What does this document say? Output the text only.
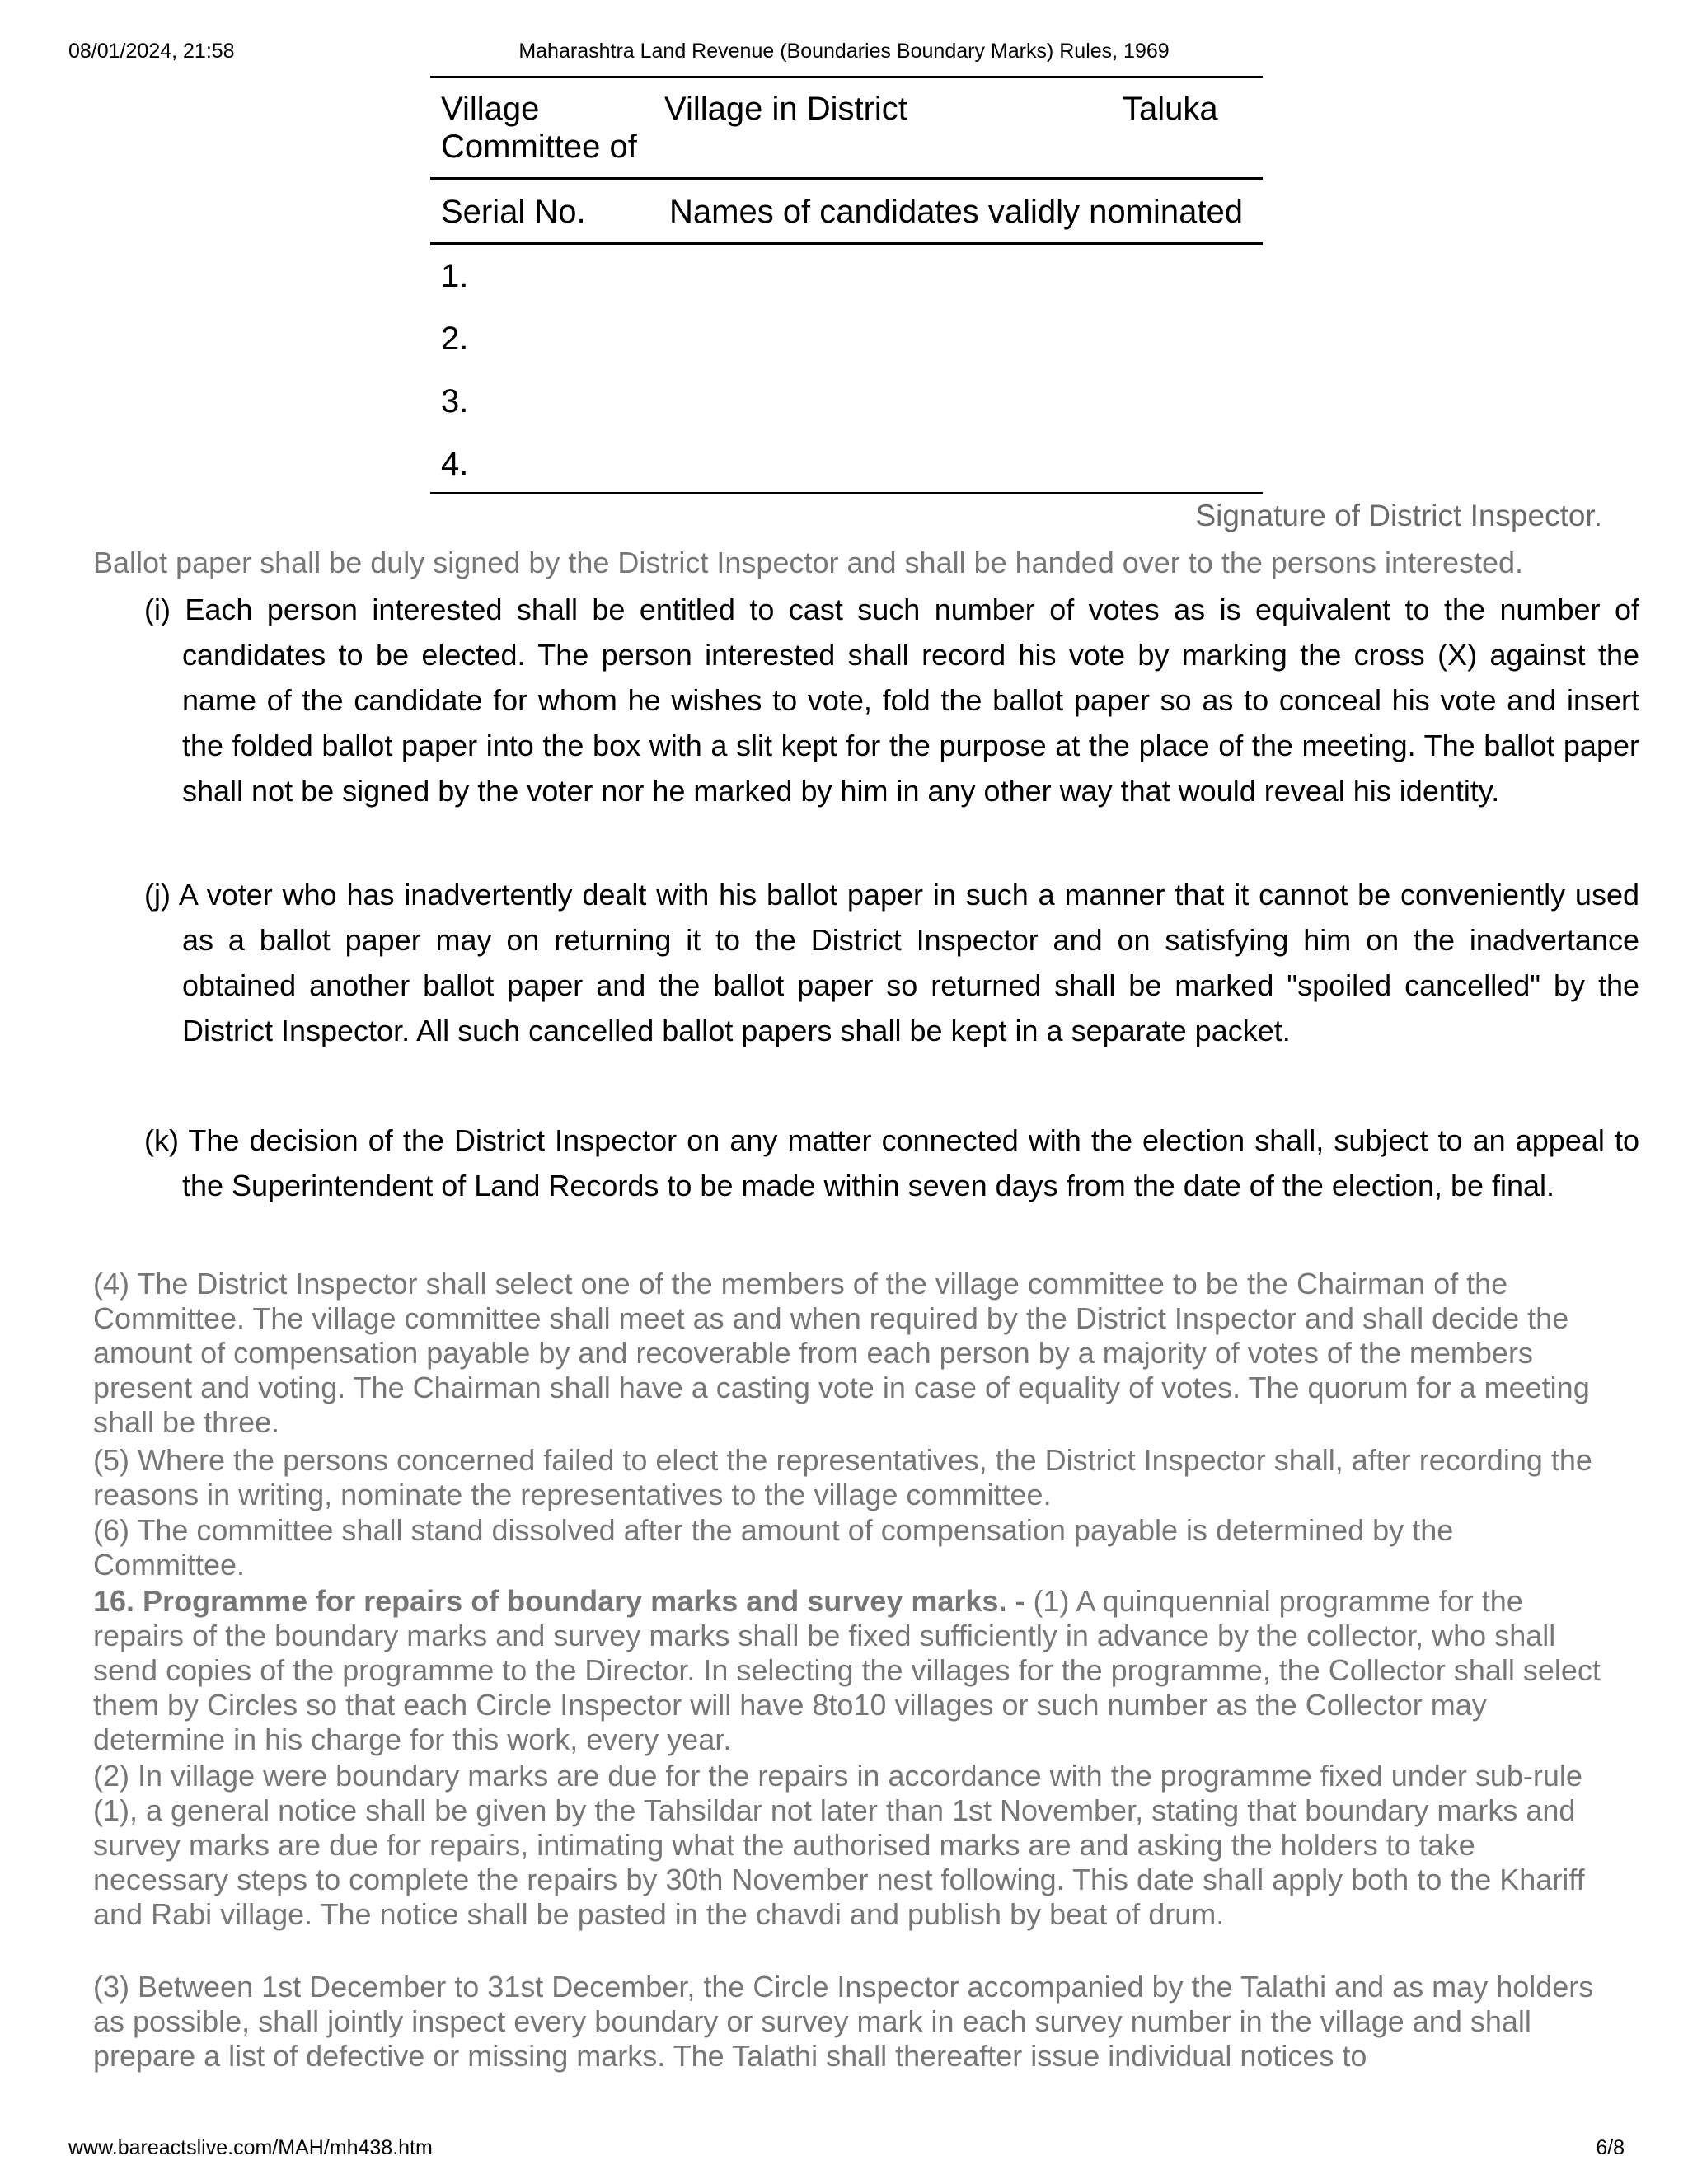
08/01/2024, 21:58	Maharashtra Land Revenue (Boundaries Boundary Marks) Rules, 1969
Village
Committee of
Village in District	Taluka
Serial No.	Names of candidates validly nominated
1.
2.
3.
4.
Signature of District Inspector.

Ballot paper shall be duly signed by the District Inspector and shall be handed over to the persons interested.

(i) Each person interested shall be entitled to cast such number of votes as is equivalent to the number of candidates to be elected. The person interested shall record his vote by marking the cross (X) against the name of the candidate for whom he wishes to vote, fold the ballot paper so as to conceal his vote and insert the folded ballot paper into the box with a slit kept for the purpose at the place of the meeting. The ballot paper shall not be signed by the voter nor he marked by him in any other way that would reveal his identity.

(j) A voter who has inadvertently dealt with his ballot paper in such a manner that it cannot be conveniently used as a ballot paper may on returning it to the District Inspector and on satisfying him on the inadvertance obtained another ballot paper and the ballot paper so returned shall be marked "spoiled cancelled" by the District Inspector. All such cancelled ballot papers shall be kept in a separate packet.

(k) The decision of the District Inspector on any matter connected with the election shall, subject to an appeal to the Superintendent of Land Records to be made within seven days from the date of the election, be final.

(4) The District Inspector shall select one of the members of the village committee to be the Chairman of the Committee. The village committee shall meet as and when required by the District Inspector and shall decide the amount of compensation payable by and recoverable from each person by a majority of votes of the members present and voting. The Chairman shall have a casting vote in case of equality of votes. The quorum for a meeting shall be three.

(5) Where the persons concerned failed to elect the representatives, the District Inspector shall, after recording the reasons in writing, nominate the representatives to the village committee.

(6) The committee shall stand dissolved after the amount of compensation payable is determined by the Committee.

16. Programme for repairs of boundary marks and survey marks. - (1) A quinquennial programme for the repairs of the boundary marks and survey marks shall be fixed sufficiently in advance by the collector, who shall send copies of the programme to the Director. In selecting the villages for the programme, the Collector shall select them by Circles so that each Circle Inspector will have 8to10 villages or such number as the Collector may determine in his charge for this work, every year.

(2) In village were boundary marks are due for the repairs in accordance with the programme fixed under sub-rule (1), a general notice shall be given by the Tahsildar not later than 1st November, stating that boundary marks and survey marks are due for repairs, intimating what the authorised marks are and asking the holders to take necessary steps to complete the repairs by 30th November nest following. This date shall apply both to the Khariff and Rabi village. The notice shall be pasted in the chavdi and publish by beat of drum.

(3) Between 1st December to 31st December, the Circle Inspector accompanied by the Talathi and as may holders as possible, shall jointly inspect every boundary or survey mark in each survey number in the village and shall prepare a list of defective or missing marks. The Talathi shall thereafter issue individual notices to

www.bareactslive.com/MAH/mh438.htm	6/8
